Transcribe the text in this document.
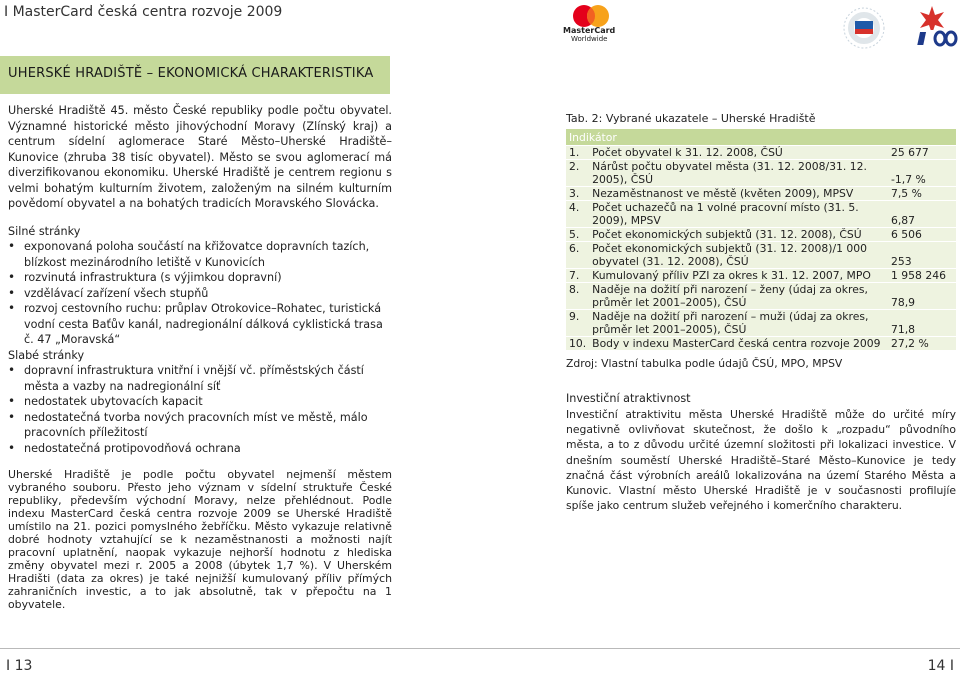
I MasterCard česká centra rozvoje 2009
MasterCard
Worldwide
UHERSKÉ HRADIŠTĚ – EKONOMICKÁ CHARAKTERISTIKA

Uherské Hradiště 45. město České republiky podle počtu obyvatel. Významné historické město jihovýchodní Moravy (Zlínský kraj) a centrum sídelní aglomerace Staré Město–Uherské Hradiště–Kunovice (zhruba 38 tisíc obyvatel). Město se svou aglomerací má diverzifikovanou ekonomiku. Uherské Hradiště je centrem regionu s velmi bohatým kulturním životem, založeným na silném kulturním povědomí obyvatel a na bohatých tradicích Moravského Slovácka.

Silné stránky
• exponovaná poloha součástí na křižovatce dopravních tazích, blízkost mezinárodního letiště v Kunovicích
• rozvinutá infrastruktura (s výjimkou dopravní)
• vzdělávací zařízení všech stupňů
• rozvoj cestovního ruchu: průplav Otrokovice–Rohatec, turistická vodní cesta Baťův kanál, nadregionální dálková cyklistická trasa č. 47 „Moravská“
Slabé stránky
• dopravní infrastruktura vnitřní i vnější vč. příměstských částí města a vazby na nadregionální síť
• nedostatek ubytovacích kapacit
• nedostatečná tvorba nových pracovních míst ve městě, málo pracovních příležitostí
• nedostatečná protipovodňová ochrana

Uherské Hradiště je podle počtu obyvatel nejmenší městem vybraného souboru. Přesto jeho význam v sídelní struktuře České republiky, především východní Moravy, nelze přehlédnout. Podle indexu MasterCard česká centra rozvoje 2009 se Uherské Hradiště umístilo na 21. pozici pomyslného žebříčku. Město vykazuje relativně dobré hodnoty vztahující se k nezaměstnanosti a možnosti najít pracovní uplatnění, naopak vykazuje nejhorší hodnotu z hlediska změny obyvatel mezi r. 2005 a 2008 (úbytek 1,7 %). V Uherském Hradišti (data za okres) je také nejnižší kumulovaný příliv přímých zahraničních investic, a to jak absolutně, tak v přepočtu na 1 obyvatele.

Tab. 2: Vybrané ukazatele – Uherské Hradiště
Indikátor		
1.	Počet obyvatel k 31. 12. 2008, ČSÚ	25 677
2.	Nárůst počtu obyvatel města (31. 12. 2008/31. 12. 2005), ČSÚ	-1,7 %
3.	Nezaměstnanost ve městě (květen 2009), MPSV	7,5 %
4.	Počet uchazečů na 1 volné pracovní místo (31. 5. 2009), MPSV	6,87
5.	Počet ekonomických subjektů (31. 12. 2008), ČSÚ	6 506
6.	Počet ekonomických subjektů (31. 12. 2008)/1 000 obyvatel (31. 12. 2008), ČSÚ	253
7.	Kumulovaný příliv PZI za okres k 31. 12. 2007, MPO	1 958 246
8.	Naděje na dožití při narození – ženy (údaj za okres, průměr let 2001–2005), ČSÚ	78,9
9.	Naděje na dožití při narození – muži (údaj za okres, průměr let 2001–2005), ČSÚ	71,8
10.	Body v indexu MasterCard česká centra rozvoje 2009	27,2 %
Zdroj: Vlastní tabulka podle údajů ČSÚ, MPO, MPSV
Investiční atraktivnost
Investiční atraktivitu města Uherské Hradiště může do určité míry negativně ovlivňovat skutečnost, že došlo k „rozpadu“ původního města, a to z důvodu určité územní složitosti při lokalizaci investice. V dnešním souměstí Uherské Hradiště–Staré Město–Kunovice je tedy značná část výrobních areálů lokalizována na území Starého Města a Kunovic. Vlastní město Uherské Hradiště je v současnosti profilujíe spíše jako centrum služeb veřejného i komerčního charakteru.
I 13	14 I
